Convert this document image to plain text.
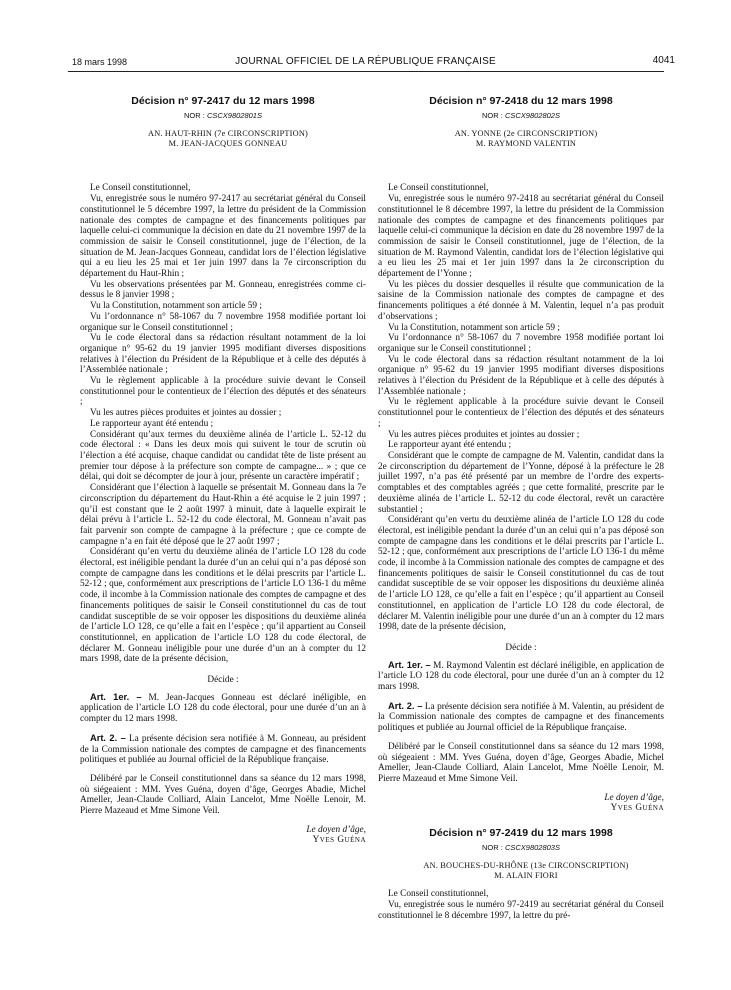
18 mars 1998	JOURNAL OFFICIEL DE LA RÉPUBLIQUE FRANÇAISE	4041
Décision n° 97-2417 du 12 mars 1998
NOR : CSCX9802801S

AN. HAUT-RHIN (7e CIRCONSCRIPTION)

M. JEAN-JACQUES GONNEAU

Le Conseil constitutionnel,

Vu, enregistrée sous le numéro 97-2417 au secrétariat général du Conseil constitutionnel le 5 décembre 1997, la lettre du président de la Commission nationale des comptes de campagne et des financements politiques par laquelle celui-ci communique la décision en date du 21 novembre 1997 de la commission de saisir le Conseil constitutionnel, juge de l’élection, de la situation de M. Jean-Jacques Gonneau, candidat lors de l’élection législative qui a eu lieu les 25 mai et 1er juin 1997 dans la 7e circonscription du département du Haut-Rhin ;

Vu les observations présentées par M. Gonneau, enregistrées comme ci-dessus le 8 janvier 1998 ;

Vu la Constitution, notamment son article 59 ;

Vu l’ordonnance n° 58-1067 du 7 novembre 1958 modifiée portant loi organique sur le Conseil constitutionnel ;

Vu le code électoral dans sa rédaction résultant notamment de la loi organique n° 95-62 du 19 janvier 1995 modifiant diverses dispositions relatives à l’élection du Président de la République et à celle des députés à l’Assemblée nationale ;

Vu le règlement applicable à la procédure suivie devant le Conseil constitutionnel pour le contentieux de l’élection des députés et des sénateurs ;

Vu les autres pièces produites et jointes au dossier ;

Le rapporteur ayant été entendu ;

Considérant qu’aux termes du deuxième alinéa de l’article L. 52-12 du code électoral : « Dans les deux mois qui suivent le tour de scrutin où l’élection a été acquise, chaque candidat ou candidat tête de liste présent au premier tour dépose à la préfecture son compte de campagne... » ; que ce délai, qui doit se décompter de jour à jour, présente un caractère impératif ;

Considérant que l’élection à laquelle se présentait M. Gonneau dans la 7e circonscription du département du Haut-Rhin a été acquise le 2 juin 1997 ; qu’il est constant que le 2 août 1997 à minuit, date à laquelle expirait le délai prévu à l’article L. 52-12 du code électoral, M. Gonneau n’avait pas fait parvenir son compte de campagne à la préfecture ; que ce compte de campagne n’a en fait été déposé que le 27 août 1997 ;

Considérant qu’en vertu du deuxième alinéa de l’article LO 128 du code électoral, est inéligible pendant la durée d’un an celui qui n’a pas déposé son compte de campagne dans les conditions et le délai prescrits par l’article L. 52-12 ; que, conformément aux prescriptions de l’article LO 136-1 du même code, il incombe à la Commission nationale des comptes de campagne et des financements politiques de saisir le Conseil constitutionnel du cas de tout candidat susceptible de se voir opposer les dispositions du deuxième alinéa de l’article LO 128, ce qu’elle a fait en l’espèce ; qu’il appartient au Conseil constitutionnel, en application de l’article LO 128 du code électoral, de déclarer M. Gonneau inéligible pour une durée d’un an à compter du 12 mars 1998, date de la présente décision,

Décide :

Art. 1er. – M. Jean-Jacques Gonneau est déclaré inéligible, en application de l’article LO 128 du code électoral, pour une durée d’un an à compter du 12 mars 1998.

Art. 2. – La présente décision sera notifiée à M. Gonneau, au président de la Commission nationale des comptes de campagne et des financements politiques et publiée au Journal officiel de la République française.

Délibéré par le Conseil constitutionnel dans sa séance du 12 mars 1998, où siégeaient : MM. Yves Guéna, doyen d’âge, Georges Abadie, Michel Ameller, Jean-Claude Colliard, Alain Lancelot, Mme Noëlle Lenoir, M. Pierre Mazeaud et Mme Simone Veil.

Le doyen d’âge,

Yves Guéna

Décision n° 97-2418 du 12 mars 1998
NOR : CSCX9802802S

AN. YONNE (2e CIRCONSCRIPTION)

M. RAYMOND VALENTIN

Le Conseil constitutionnel,

Vu, enregistrée sous le numéro 97-2418 au secrétariat général du Conseil constitutionnel le 8 décembre 1997, la lettre du président de la Commission nationale des comptes de campagne et des financements politiques par laquelle celui-ci communique la décision en date du 28 novembre 1997 de la commission de saisir le Conseil constitutionnel, juge de l’élection, de la situation de M. Raymond Valentin, candidat lors de l’élection législative qui a eu lieu les 25 mai et 1er juin 1997 dans la 2e circonscription du département de l’Yonne ;

Vu les pièces du dossier desquelles il résulte que communication de la saisine de la Commission nationale des comptes de campagne et des financements politiques a été donnée à M. Valentin, lequel n’a pas produit d’observations ;

Vu la Constitution, notamment son article 59 ;

Vu l’ordonnance n° 58-1067 du 7 novembre 1958 modifiée portant loi organique sur le Conseil constitutionnel ;

Vu le code électoral dans sa rédaction résultant notamment de la loi organique n° 95-62 du 19 janvier 1995 modifiant diverses dispositions relatives à l’élection du Président de la République et à celle des députés à l’Assemblée nationale ;

Vu le règlement applicable à la procédure suivie devant le Conseil constitutionnel pour le contentieux de l’élection des députés et des sénateurs ;

Vu les autres pièces produites et jointes au dossier ;

Le rapporteur ayant été entendu ;

Considérant que le compte de campagne de M. Valentin, candidat dans la 2e circonscription du département de l’Yonne, déposé à la préfecture le 28 juillet 1997, n’a pas été présenté par un membre de l’ordre des experts-comptables et des comptables agréés ; que cette formalité, prescrite par le deuxième alinéa de l’article L. 52-12 du code électoral, revêt un caractère substantiel ;

Considérant qu’en vertu du deuxième alinéa de l’article LO 128 du code électoral, est inéligible pendant la durée d’un an celui qui n’a pas déposé son compte de campagne dans les conditions et le délai prescrits par l’article L. 52-12 ; que, conformément aux prescriptions de l’article LO 136-1 du même code, il incombe à la Commission nationale des comptes de campagne et des financements politiques de saisir le Conseil constitutionnel du cas de tout candidat susceptible de se voir opposer les dispositions du deuxième alinéa de l’article LO 128, ce qu’elle a fait en l’espèce ; qu’il appartient au Conseil constitutionnel, en application de l’article LO 128 du code électoral, de déclarer M. Valentin inéligible pour une durée d’un an à compter du 12 mars 1998, date de la présente décision,

Décide :

Art. 1er. – M. Raymond Valentin est déclaré inéligible, en application de l’article LO 128 du code électoral, pour une durée d’un an à compter du 12 mars 1998.

Art. 2. – La présente décision sera notifiée à M. Valentin, au président de la Commission nationale des comptes de campagne et des financements politiques et publiée au Journal officiel de la République française.

Délibéré par le Conseil constitutionnel dans sa séance du 12 mars 1998, où siégeaient : MM. Yves Guéna, doyen d’âge, Georges Abadie, Michel Ameller, Jean-Claude Colliard, Alain Lancelot, Mme Noëlle Lenoir, M. Pierre Mazeaud et Mme Simone Veil.

Le doyen d’âge,

Yves Guéna

Décision n° 97-2419 du 12 mars 1998
NOR : CSCX9802803S

AN. BOUCHES-DU-RHÔNE (13e CIRCONSCRIPTION)

M. ALAIN FIORI

Le Conseil constitutionnel,

Vu, enregistrée sous le numéro 97-2419 au secrétariat général du Conseil constitutionnel le 8 décembre 1997, la lettre du pré-
